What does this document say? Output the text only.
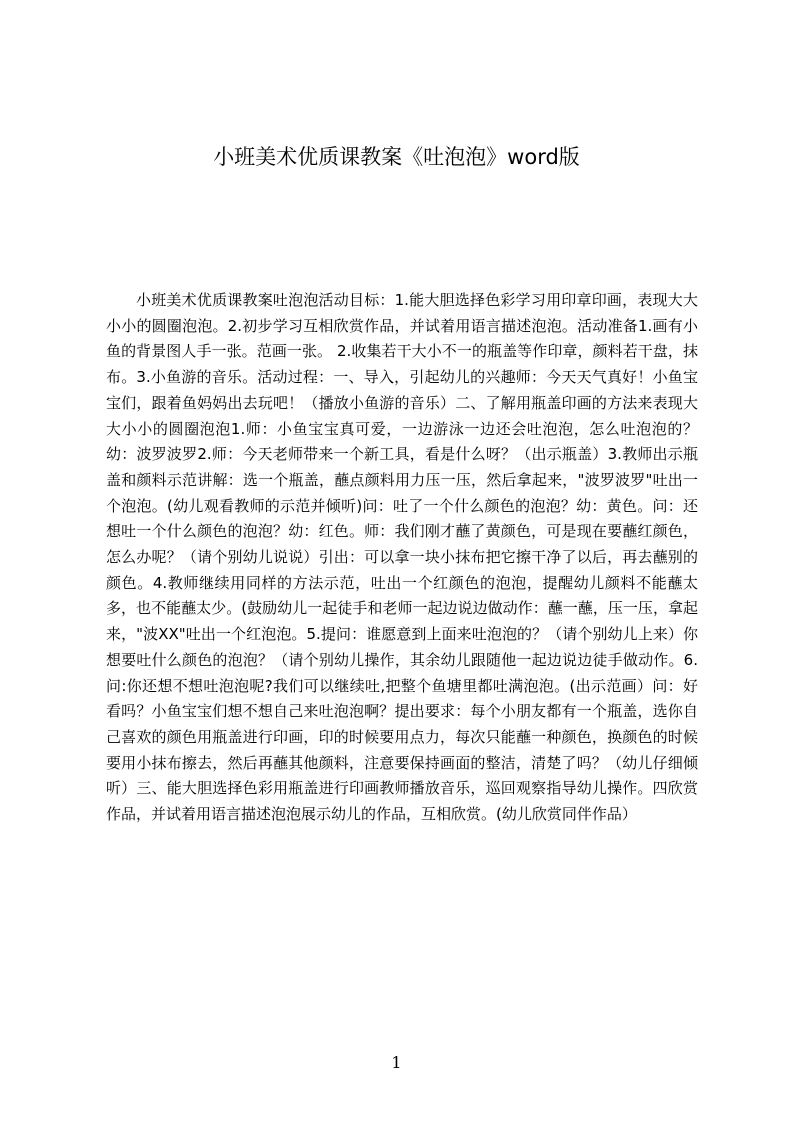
小班美术优质课教案《吐泡泡》word版
小班美术优质课教案吐泡泡活动目标：1.能大胆选择色彩学习用印章印画，表现大大小小的圆圈泡泡。2.初步学习互相欣赏作品，并试着用语言描述泡泡。活动准备1.画有小鱼的背景图人手一张。范画一张。 2.收集若干大小不一的瓶盖等作印章，颜料若干盘，抹布。3.小鱼游的音乐。活动过程：一、导入，引起幼儿的兴趣师：今天天气真好！小鱼宝宝们，跟着鱼妈妈出去玩吧！（播放小鱼游的音乐）二、了解用瓶盖印画的方法来表现大大小小的圆圈泡泡1.师：小鱼宝宝真可爱，一边游泳一边还会吐泡泡，怎么吐泡泡的？幼：波罗波罗2.师：今天老师带来一个新工具，看是什么呀？（出示瓶盖）3.教师出示瓶盖和颜料示范讲解：选一个瓶盖，蘸点颜料用力压一压，然后拿起来，"波罗波罗"吐出一个泡泡。(幼儿观看教师的示范并倾听)问：吐了一个什么颜色的泡泡？幼：黄色。问：还想吐一个什么颜色的泡泡？幼：红色。师：我们刚才蘸了黄颜色，可是现在要蘸红颜色，怎么办呢？（请个别幼儿说说）引出：可以拿一块小抹布把它擦干净了以后，再去蘸别的颜色。4.教师继续用同样的方法示范，吐出一个红颜色的泡泡，提醒幼儿颜料不能蘸太多，也不能蘸太少。(鼓励幼儿一起徒手和老师一起边说边做动作：蘸一蘸，压一压，拿起来，"波XX"吐出一个红泡泡。5.提问：谁愿意到上面来吐泡泡的？（请个别幼儿上来）你想要吐什么颜色的泡泡？（请个别幼儿操作，其余幼儿跟随他一起边说边徒手做动作。6.问:你还想不想吐泡泡呢?我们可以继续吐,把整个鱼塘里都吐满泡泡。(出示范画）问：好看吗？小鱼宝宝们想不想自己来吐泡泡啊？提出要求：每个小朋友都有一个瓶盖，选你自己喜欢的颜色用瓶盖进行印画，印的时候要用点力，每次只能蘸一种颜色，换颜色的时候要用小抹布擦去，然后再蘸其他颜料，注意要保持画面的整洁，清楚了吗？（幼儿仔细倾听）三、能大胆选择色彩用瓶盖进行印画教师播放音乐，巡回观察指导幼儿操作。四欣赏作品，并试着用语言描述泡泡展示幼儿的作品，互相欣赏。(幼儿欣赏同伴作品）
1
